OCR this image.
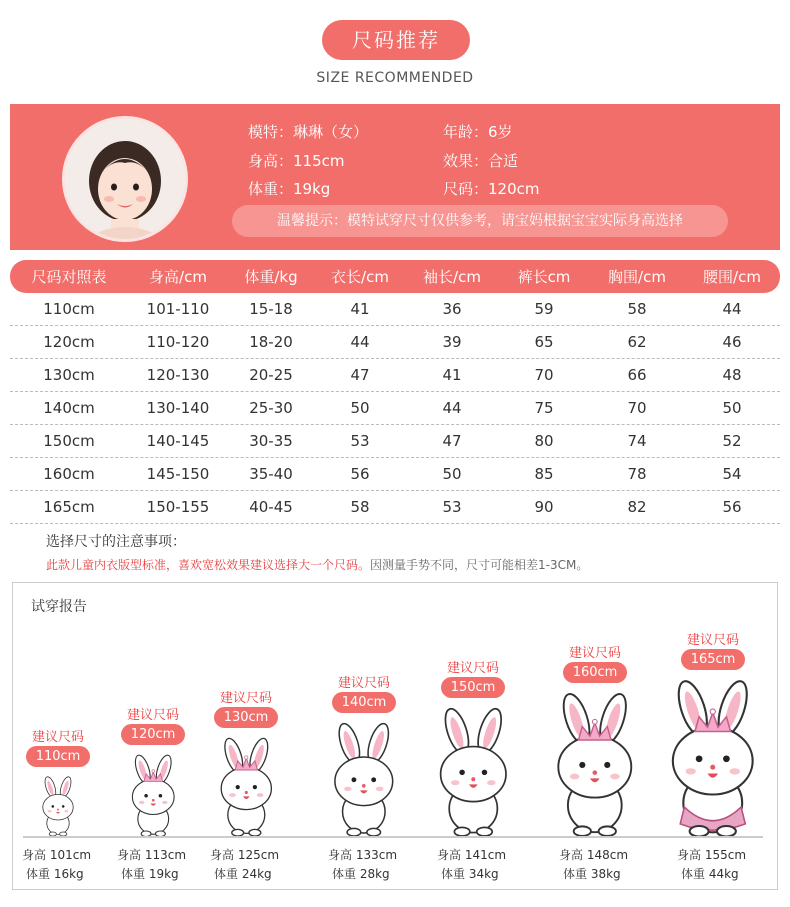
尺码推荐
SIZE RECOMMENDED
模特：琳琳（女）	年龄：6岁
身高：115cm	效果：合适
体重：19kg	尺码：120cm
温馨提示：模特试穿尺寸仅供参考，请宝妈根据宝宝实际身高选择
尺码对照表	身高/cm	体重/kg	衣长/cm	袖长/cm	裤长cm	胸围/cm	腰围/cm
110cm	101-110	15-18	41	36	59	58	44
120cm	110-120	18-20	44	39	65	62	46
130cm	120-130	20-25	47	41	70	66	48
140cm	130-140	25-30	50	44	75	70	50
150cm	140-145	30-35	53	47	80	74	52
160cm	145-150	35-40	56	50	85	78	54
165cm	150-155	40-45	58	53	90	82	56
选择尺寸的注意事项：
此款儿童内衣版型标准，喜欢宽松效果建议选择大一个尺码。因测量手势不同，尺寸可能相差1-3CM。
试穿报告
建议尺码
110cm
身高 101cm
体重 16kg
建议尺码
120cm
身高 113cm
体重 19kg
建议尺码
130cm
身高 125cm
体重 24kg
建议尺码
140cm
身高 133cm
体重 28kg
建议尺码
150cm
身高 141cm
体重 34kg
建议尺码
160cm
身高 148cm
体重 38kg
建议尺码
165cm
身高 155cm
体重 44kg
